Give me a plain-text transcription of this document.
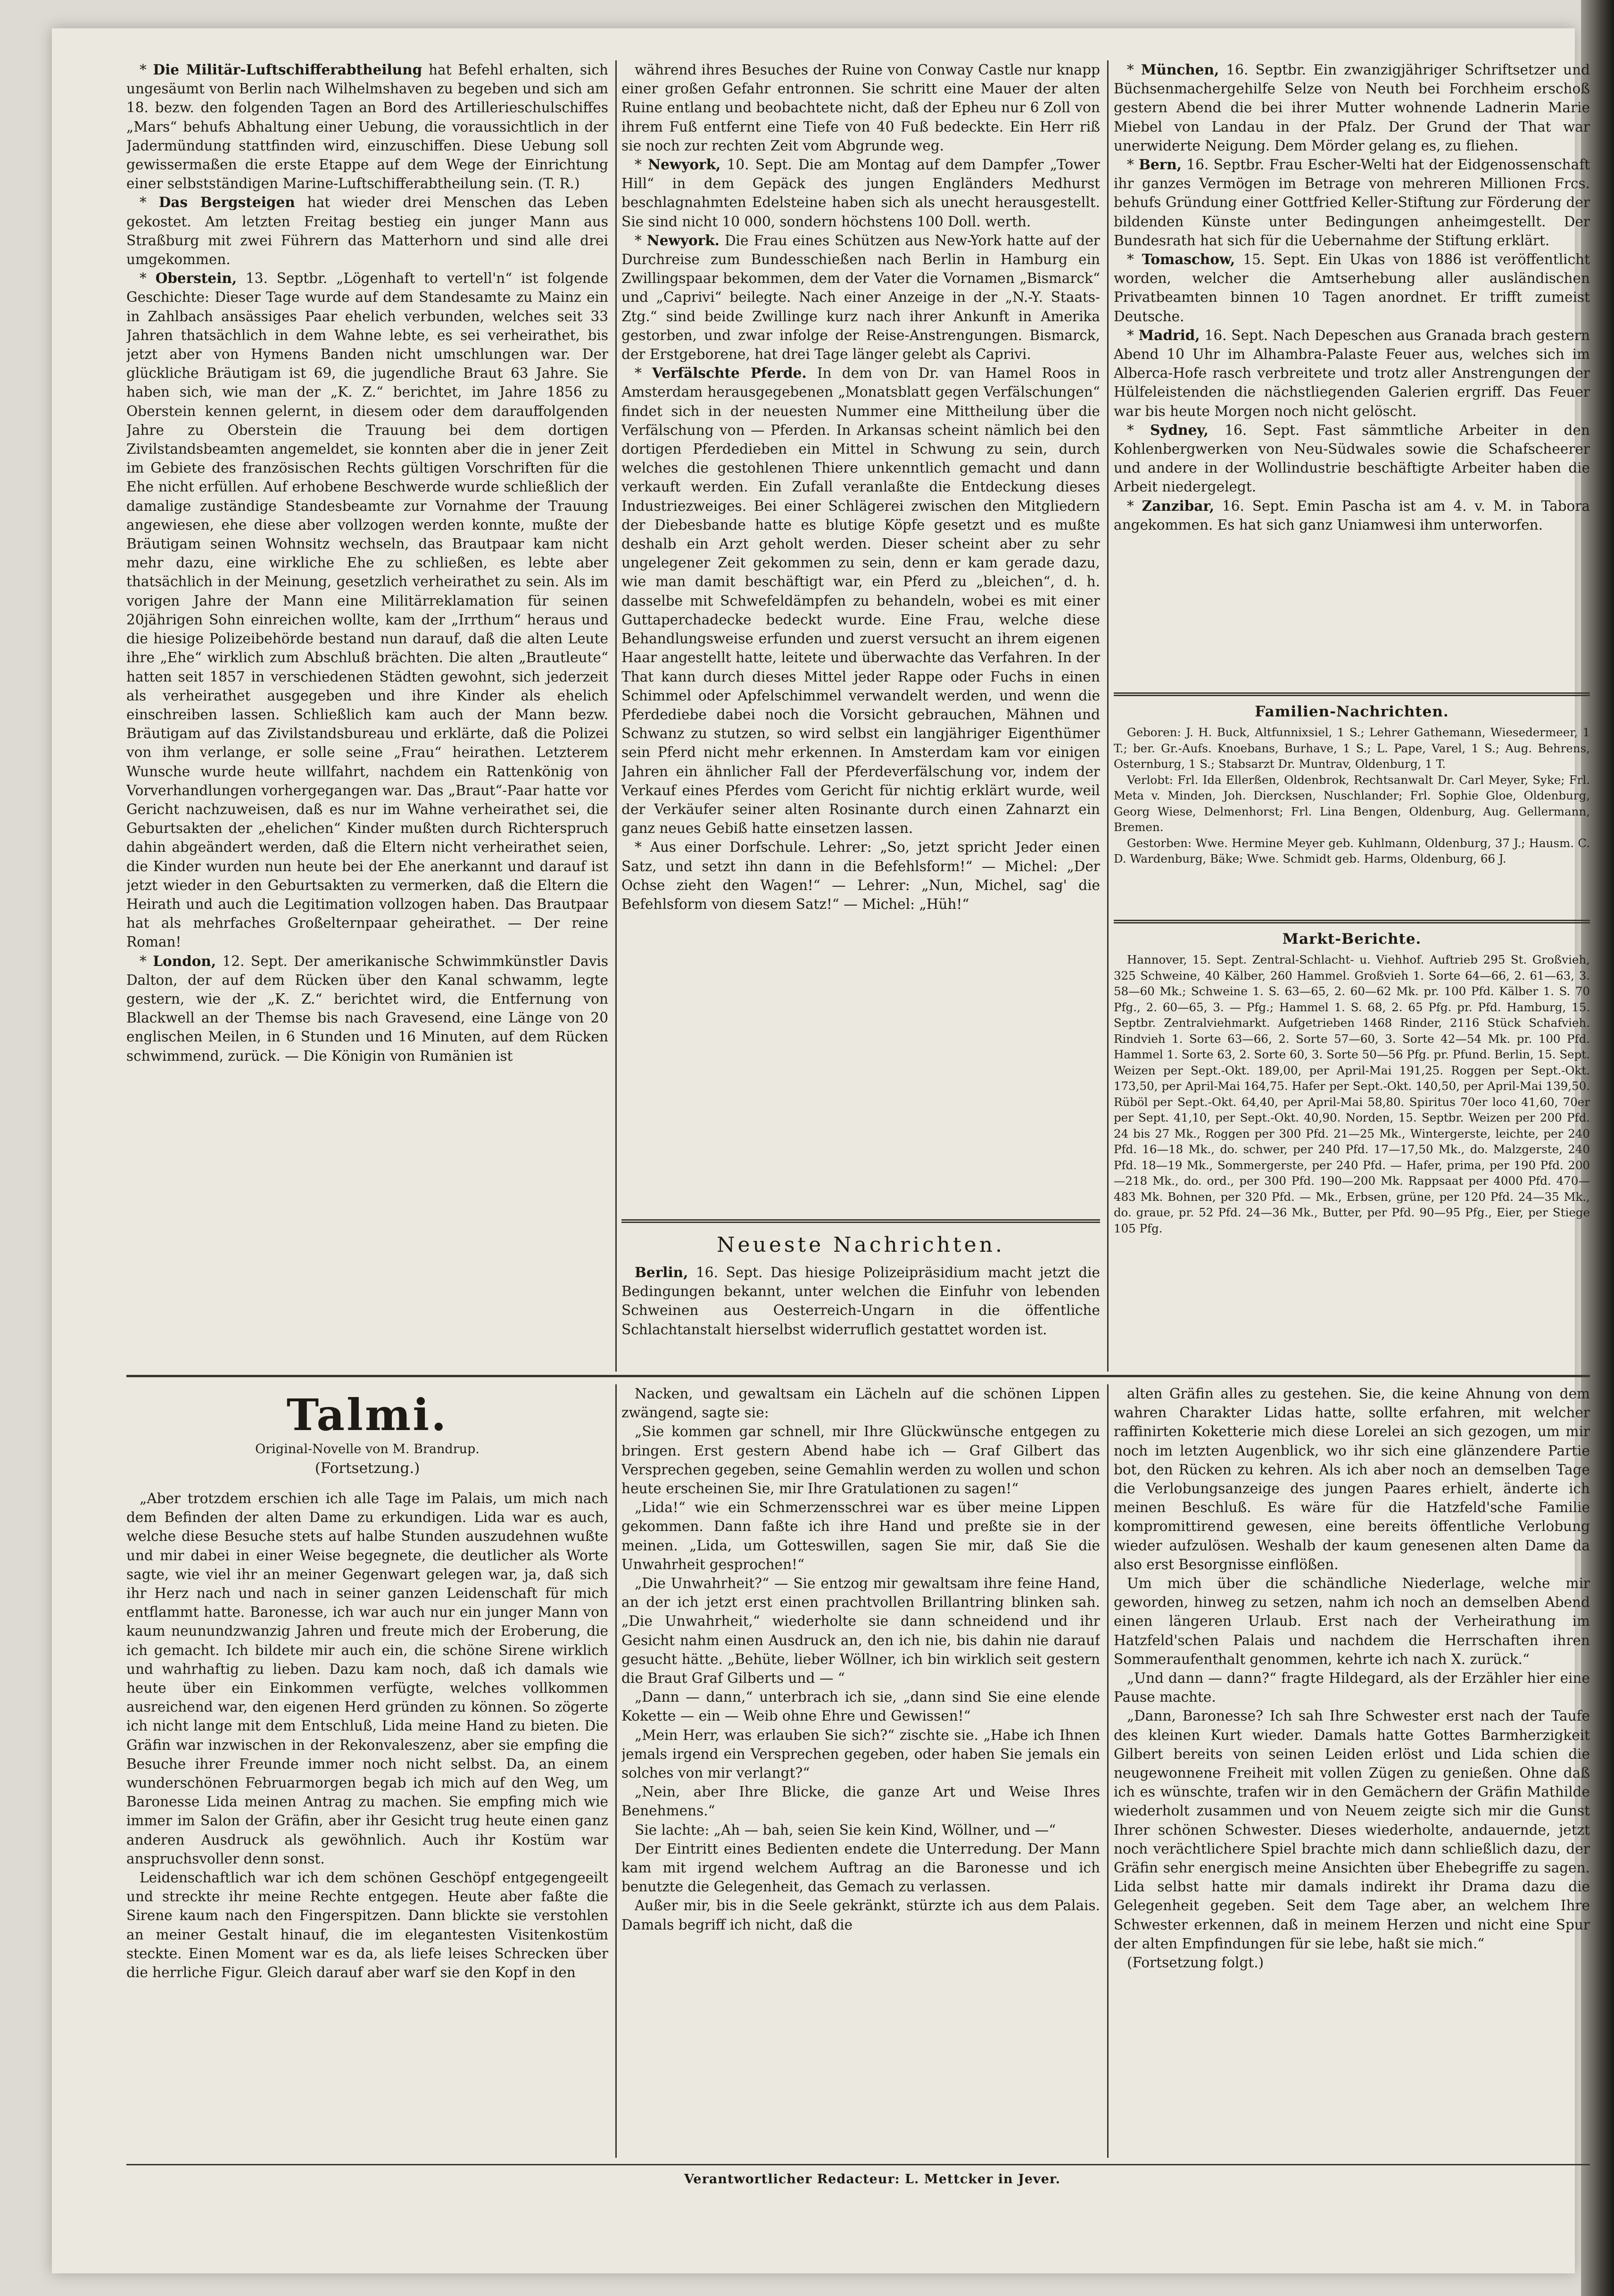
* Die Militär-Luftschifferabtheilung hat Befehl erhalten, sich ungesäumt von Berlin nach Wilhelmshaven zu begeben und sich am 18. bezw. den folgenden Tagen an Bord des Artillerieschulschiffes „Mars“ behufs Abhaltung einer Uebung, die voraussichtlich in der Jadermündung stattfinden wird, einzuschiffen. Diese Uebung soll gewissermaßen die erste Etappe auf dem Wege der Einrichtung einer selbstständigen Marine-Luftschifferabtheilung sein. (T. R.)

* Das Bergsteigen hat wieder drei Menschen das Leben gekostet. Am letzten Freitag bestieg ein junger Mann aus Straßburg mit zwei Führern das Matterhorn und sind alle drei umgekommen.

* Oberstein, 13. Septbr. „Lögenhaft to vertell'n“ ist folgende Geschichte: Dieser Tage wurde auf dem Standesamte zu Mainz ein in Zahlbach ansässiges Paar ehelich verbunden, welches seit 33 Jahren thatsächlich in dem Wahne lebte, es sei verheirathet, bis jetzt aber von Hymens Banden nicht umschlungen war. Der glückliche Bräutigam ist 69, die jugendliche Braut 63 Jahre. Sie haben sich, wie man der „K. Z.“ berichtet, im Jahre 1856 zu Oberstein kennen gelernt, in diesem oder dem darauffolgenden Jahre zu Oberstein die Trauung bei dem dortigen Zivilstandsbeamten angemeldet, sie konnten aber die in jener Zeit im Gebiete des französischen Rechts gültigen Vorschriften für die Ehe nicht erfüllen. Auf erhobene Beschwerde wurde schließlich der damalige zuständige Standesbeamte zur Vornahme der Trauung angewiesen, ehe diese aber vollzogen werden konnte, mußte der Bräutigam seinen Wohnsitz wechseln, das Brautpaar kam nicht mehr dazu, eine wirkliche Ehe zu schließen, es lebte aber thatsächlich in der Meinung, gesetzlich verheirathet zu sein. Als im vorigen Jahre der Mann eine Militärreklamation für seinen 20jährigen Sohn einreichen wollte, kam der „Irrthum“ heraus und die hiesige Polizeibehörde bestand nun darauf, daß die alten Leute ihre „Ehe“ wirklich zum Abschluß brächten. Die alten „Brautleute“ hatten seit 1857 in verschiedenen Städten gewohnt, sich jederzeit als verheirathet ausgegeben und ihre Kinder als ehelich einschreiben lassen. Schließlich kam auch der Mann bezw. Bräutigam auf das Zivilstandsbureau und erklärte, daß die Polizei von ihm verlange, er solle seine „Frau“ heirathen. Letzterem Wunsche wurde heute willfahrt, nachdem ein Rattenkönig von Vorverhandlungen vorhergegangen war. Das „Braut“-Paar hatte vor Gericht nachzuweisen, daß es nur im Wahne verheirathet sei, die Geburtsakten der „ehelichen“ Kinder mußten durch Richterspruch dahin abgeändert werden, daß die Eltern nicht verheirathet seien, die Kinder wurden nun heute bei der Ehe anerkannt und darauf ist jetzt wieder in den Geburtsakten zu vermerken, daß die Eltern die Heirath und auch die Legitimation vollzogen haben. Das Brautpaar hat als mehrfaches Großelternpaar geheirathet. — Der reine Roman!

* London, 12. Sept. Der amerikanische Schwimmkünstler Davis Dalton, der auf dem Rücken über den Kanal schwamm, legte gestern, wie der „K. Z.“ berichtet wird, die Entfernung von Blackwell an der Themse bis nach Gravesend, eine Länge von 20 englischen Meilen, in 6 Stunden und 16 Minuten, auf dem Rücken schwimmend, zurück. — Die Königin von Rumänien ist

während ihres Besuches der Ruine von Conway Castle nur knapp einer großen Gefahr entronnen. Sie schritt eine Mauer der alten Ruine entlang und beobachtete nicht, daß der Epheu nur 6 Zoll von ihrem Fuß entfernt eine Tiefe von 40 Fuß bedeckte. Ein Herr riß sie noch zur rechten Zeit vom Abgrunde weg.

* Newyork, 10. Sept. Die am Montag auf dem Dampfer „Tower Hill“ in dem Gepäck des jungen Engländers Medhurst beschlagnahmten Edelsteine haben sich als unecht herausgestellt. Sie sind nicht 10 000, sondern höchstens 100 Doll. werth.

* Newyork. Die Frau eines Schützen aus New-York hatte auf der Durchreise zum Bundesschießen nach Berlin in Hamburg ein Zwillingspaar bekommen, dem der Vater die Vornamen „Bismarck“ und „Caprivi“ beilegte. Nach einer Anzeige in der „N.-Y. Staats-Ztg.“ sind beide Zwillinge kurz nach ihrer Ankunft in Amerika gestorben, und zwar infolge der Reise-Anstrengungen. Bismarck, der Erstgeborene, hat drei Tage länger gelebt als Caprivi.

* Verfälschte Pferde. In dem von Dr. van Hamel Roos in Amsterdam herausgegebenen „Monatsblatt gegen Verfälschungen“ findet sich in der neuesten Nummer eine Mittheilung über die Verfälschung von — Pferden. In Arkansas scheint nämlich bei den dortigen Pferdedieben ein Mittel in Schwung zu sein, durch welches die gestohlenen Thiere unkenntlich gemacht und dann verkauft werden. Ein Zufall veranlaßte die Entdeckung dieses Industriezweiges. Bei einer Schlägerei zwischen den Mitgliedern der Diebesbande hatte es blutige Köpfe gesetzt und es mußte deshalb ein Arzt geholt werden. Dieser scheint aber zu sehr ungelegener Zeit gekommen zu sein, denn er kam gerade dazu, wie man damit beschäftigt war, ein Pferd zu „bleichen“, d. h. dasselbe mit Schwefeldämpfen zu behandeln, wobei es mit einer Guttaperchadecke bedeckt wurde. Eine Frau, welche diese Behandlungsweise erfunden und zuerst versucht an ihrem eigenen Haar angestellt hatte, leitete und überwachte das Verfahren. In der That kann durch dieses Mittel jeder Rappe oder Fuchs in einen Schimmel oder Apfelschimmel verwandelt werden, und wenn die Pferdediebe dabei noch die Vorsicht gebrauchen, Mähnen und Schwanz zu stutzen, so wird selbst ein langjähriger Eigenthümer sein Pferd nicht mehr erkennen. In Amsterdam kam vor einigen Jahren ein ähnlicher Fall der Pferdeverfälschung vor, indem der Verkauf eines Pferdes vom Gericht für nichtig erklärt wurde, weil der Verkäufer seiner alten Rosinante durch einen Zahnarzt ein ganz neues Gebiß hatte einsetzen lassen.

* Aus einer Dorfschule. Lehrer: „So, jetzt spricht Jeder einen Satz, und setzt ihn dann in die Befehlsform!“ — Michel: „Der Ochse zieht den Wagen!“ — Lehrer: „Nun, Michel, sag' die Befehlsform von diesem Satz!“ — Michel: „Hüh!“

Neueste Nachrichten.

Berlin, 16. Sept. Das hiesige Polizeipräsidium macht jetzt die Bedingungen bekannt, unter welchen die Einfuhr von lebenden Schweinen aus Oesterreich-Ungarn in die öffentliche Schlachtanstalt hierselbst widerruflich gestattet worden ist.

* München, 16. Septbr. Ein zwanzigjähriger Schriftsetzer und Büchsenmachergehilfe Selze von Neuth bei Forchheim erschoß gestern Abend die bei ihrer Mutter wohnende Ladnerin Marie Miebel von Landau in der Pfalz. Der Grund der That war unerwiderte Neigung. Dem Mörder gelang es, zu fliehen.

* Bern, 16. Septbr. Frau Escher-Welti hat der Eidgenossenschaft ihr ganzes Vermögen im Betrage von mehreren Millionen Frcs. behufs Gründung einer Gottfried Keller-Stiftung zur Förderung der bildenden Künste unter Bedingungen anheimgestellt. Der Bundesrath hat sich für die Uebernahme der Stiftung erklärt.

* Tomaschow, 15. Sept. Ein Ukas von 1886 ist veröffentlicht worden, welcher die Amtserhebung aller ausländischen Privatbeamten binnen 10 Tagen anordnet. Er trifft zumeist Deutsche.

* Madrid, 16. Sept. Nach Depeschen aus Granada brach gestern Abend 10 Uhr im Alhambra-Palaste Feuer aus, welches sich im Alberca-Hofe rasch verbreitete und trotz aller Anstrengungen der Hülfeleistenden die nächstliegenden Galerien ergriff. Das Feuer war bis heute Morgen noch nicht gelöscht.

* Sydney, 16. Sept. Fast sämmtliche Arbeiter in den Kohlenbergwerken von Neu-Südwales sowie die Schafscheerer und andere in der Wollindustrie beschäftigte Arbeiter haben die Arbeit niedergelegt.

* Zanzibar, 16. Sept. Emin Pascha ist am 4. v. M. in Tabora angekommen. Es hat sich ganz Uniamwesi ihm unterworfen.

Familien-Nachrichten.

Geboren: J. H. Buck, Altfunnixsiel, 1 S.; Lehrer Gathemann, Wiesedermeer, 1 T.; ber. Gr.-Aufs. Knoebans, Burhave, 1 S.; L. Pape, Varel, 1 S.; Aug. Behrens, Osternburg, 1 S.; Stabsarzt Dr. Muntrav, Oldenburg, 1 T.

Verlobt: Frl. Ida Ellerßen, Oldenbrok, Rechtsanwalt Dr. Carl Meyer, Syke; Frl. Meta v. Minden, Joh. Diercksen, Nuschlander; Frl. Sophie Gloe, Oldenburg, Georg Wiese, Delmenhorst; Frl. Lina Bengen, Oldenburg, Aug. Gellermann, Bremen.

Gestorben: Wwe. Hermine Meyer geb. Kuhlmann, Oldenburg, 37 J.; Hausm. C. D. Wardenburg, Bäke; Wwe. Schmidt geb. Harms, Oldenburg, 66 J.

Markt-Berichte.

Hannover, 15. Sept. Zentral-Schlacht- u. Viehhof. Auftrieb 295 St. Großvieh, 325 Schweine, 40 Kälber, 260 Hammel. Großvieh 1. Sorte 64—66, 2. 61—63, 3. 58—60 Mk.; Schweine 1. S. 63—65, 2. 60—62 Mk. pr. 100 Pfd. Kälber 1. S. 70 Pfg., 2. 60—65, 3. — Pfg.; Hammel 1. S. 68, 2. 65 Pfg. pr. Pfd. Hamburg, 15. Septbr. Zentralviehmarkt. Aufgetrieben 1468 Rinder, 2116 Stück Schafvieh. Rindvieh 1. Sorte 63—66, 2. Sorte 57—60, 3. Sorte 42—54 Mk. pr. 100 Pfd. Hammel 1. Sorte 63, 2. Sorte 60, 3. Sorte 50—56 Pfg. pr. Pfund. Berlin, 15. Sept. Weizen per Sept.-Okt. 189,00, per April-Mai 191,25. Roggen per Sept.-Okt. 173,50, per April-Mai 164,75. Hafer per Sept.-Okt. 140,50, per April-Mai 139,50. Rüböl per Sept.-Okt. 64,40, per April-Mai 58,80. Spiritus 70er loco 41,60, 70er per Sept. 41,10, per Sept.-Okt. 40,90. Norden, 15. Septbr. Weizen per 200 Pfd. 24 bis 27 Mk., Roggen per 300 Pfd. 21—25 Mk., Wintergerste, leichte, per 240 Pfd. 16—18 Mk., do. schwer, per 240 Pfd. 17—17,50 Mk., do. Malzgerste, 240 Pfd. 18—19 Mk., Sommergerste, per 240 Pfd. — Hafer, prima, per 190 Pfd. 200—218 Mk., do. ord., per 300 Pfd. 190—200 Mk. Rappsaat per 4000 Pfd. 470—483 Mk. Bohnen, per 320 Pfd. — Mk., Erbsen, grüne, per 120 Pfd. 24—35 Mk., do. graue, pr. 52 Pfd. 24—36 Mk., Butter, per Pfd. 90—95 Pfg., Eier, per Stiege 105 Pfg.

Talmi.
Original-Novelle von M. Brandrup.
(Fortsetzung.)

„Aber trotzdem erschien ich alle Tage im Palais, um mich nach dem Befinden der alten Dame zu erkundigen. Lida war es auch, welche diese Besuche stets auf halbe Stunden auszudehnen wußte und mir dabei in einer Weise begegnete, die deutlicher als Worte sagte, wie viel ihr an meiner Gegenwart gelegen war, ja, daß sich ihr Herz nach und nach in seiner ganzen Leidenschaft für mich entflammt hatte. Baronesse, ich war auch nur ein junger Mann von kaum neunundzwanzig Jahren und freute mich der Eroberung, die ich gemacht. Ich bildete mir auch ein, die schöne Sirene wirklich und wahrhaftig zu lieben. Dazu kam noch, daß ich damals wie heute über ein Einkommen verfügte, welches vollkommen ausreichend war, den eigenen Herd gründen zu können. So zögerte ich nicht lange mit dem Entschluß, Lida meine Hand zu bieten. Die Gräfin war inzwischen in der Rekonvaleszenz, aber sie empfing die Besuche ihrer Freunde immer noch nicht selbst. Da, an einem wunderschönen Februarmorgen begab ich mich auf den Weg, um Baronesse Lida meinen Antrag zu machen. Sie empfing mich wie immer im Salon der Gräfin, aber ihr Gesicht trug heute einen ganz anderen Ausdruck als gewöhnlich. Auch ihr Kostüm war anspruchsvoller denn sonst.

Leidenschaftlich war ich dem schönen Geschöpf entgegengeeilt und streckte ihr meine Rechte entgegen. Heute aber faßte die Sirene kaum nach den Fingerspitzen. Dann blickte sie verstohlen an meiner Gestalt hinauf, die im elegantesten Visitenkostüm steckte. Einen Moment war es da, als liefe leises Schrecken über die herrliche Figur. Gleich darauf aber warf sie den Kopf in den

Nacken, und gewaltsam ein Lächeln auf die schönen Lippen zwängend, sagte sie:

„Sie kommen gar schnell, mir Ihre Glückwünsche entgegen zu bringen. Erst gestern Abend habe ich — Graf Gilbert das Versprechen gegeben, seine Gemahlin werden zu wollen und schon heute erscheinen Sie, mir Ihre Gratulationen zu sagen!“

„Lida!“ wie ein Schmerzensschrei war es über meine Lippen gekommen. Dann faßte ich ihre Hand und preßte sie in der meinen. „Lida, um Gotteswillen, sagen Sie mir, daß Sie die Unwahrheit gesprochen!“

„Die Unwahrheit?“ — Sie entzog mir gewaltsam ihre feine Hand, an der ich jetzt erst einen prachtvollen Brillantring blinken sah. „Die Unwahrheit,“ wiederholte sie dann schneidend und ihr Gesicht nahm einen Ausdruck an, den ich nie, bis dahin nie darauf gesucht hätte. „Behüte, lieber Wöllner, ich bin wirklich seit gestern die Braut Graf Gilberts und — “

„Dann — dann,“ unterbrach ich sie, „dann sind Sie eine elende Kokette — ein — Weib ohne Ehre und Gewissen!“

„Mein Herr, was erlauben Sie sich?“ zischte sie. „Habe ich Ihnen jemals irgend ein Versprechen gegeben, oder haben Sie jemals ein solches von mir verlangt?“

„Nein, aber Ihre Blicke, die ganze Art und Weise Ihres Benehmens.“

Sie lachte: „Ah — bah, seien Sie kein Kind, Wöllner, und —“

Der Eintritt eines Bedienten endete die Unterredung. Der Mann kam mit irgend welchem Auftrag an die Baronesse und ich benutzte die Gelegenheit, das Gemach zu verlassen.

Außer mir, bis in die Seele gekränkt, stürzte ich aus dem Palais. Damals begriff ich nicht, daß die

alten Gräfin alles zu gestehen. Sie, die keine Ahnung von dem wahren Charakter Lidas hatte, sollte erfahren, mit welcher raffinirten Koketterie mich diese Lorelei an sich gezogen, um mir noch im letzten Augenblick, wo ihr sich eine glänzendere Partie bot, den Rücken zu kehren. Als ich aber noch an demselben Tage die Verlobungsanzeige des jungen Paares erhielt, änderte ich meinen Beschluß. Es wäre für die Hatzfeld'sche Familie kompromittirend gewesen, eine bereits öffentliche Verlobung wieder aufzulösen. Weshalb der kaum genesenen alten Dame da also erst Besorgnisse einflößen.

Um mich über die schändliche Niederlage, welche mir geworden, hinweg zu setzen, nahm ich noch an demselben Abend einen längeren Urlaub. Erst nach der Verheirathung im Hatzfeld'schen Palais und nachdem die Herrschaften ihren Sommeraufenthalt genommen, kehrte ich nach X. zurück.“

„Und dann — dann?“ fragte Hildegard, als der Erzähler hier eine Pause machte.

„Dann, Baronesse? Ich sah Ihre Schwester erst nach der Taufe des kleinen Kurt wieder. Damals hatte Gottes Barmherzigkeit Gilbert bereits von seinen Leiden erlöst und Lida schien die neugewonnene Freiheit mit vollen Zügen zu genießen. Ohne daß ich es wünschte, trafen wir in den Gemächern der Gräfin Mathilde wiederholt zusammen und von Neuem zeigte sich mir die Gunst Ihrer schönen Schwester. Dieses wiederholte, andauernde, jetzt noch verächtlichere Spiel brachte mich dann schließlich dazu, der Gräfin sehr energisch meine Ansichten über Ehebegriffe zu sagen. Lida selbst hatte mir damals indirekt ihr Drama dazu die Gelegenheit gegeben. Seit dem Tage aber, an welchem Ihre Schwester erkennen, daß in meinem Herzen und nicht eine Spur der alten Empfindungen für sie lebe, haßt sie mich.“

(Fortsetzung folgt.)

Verantwortlicher Redacteur: L. Mettcker in Jever.
